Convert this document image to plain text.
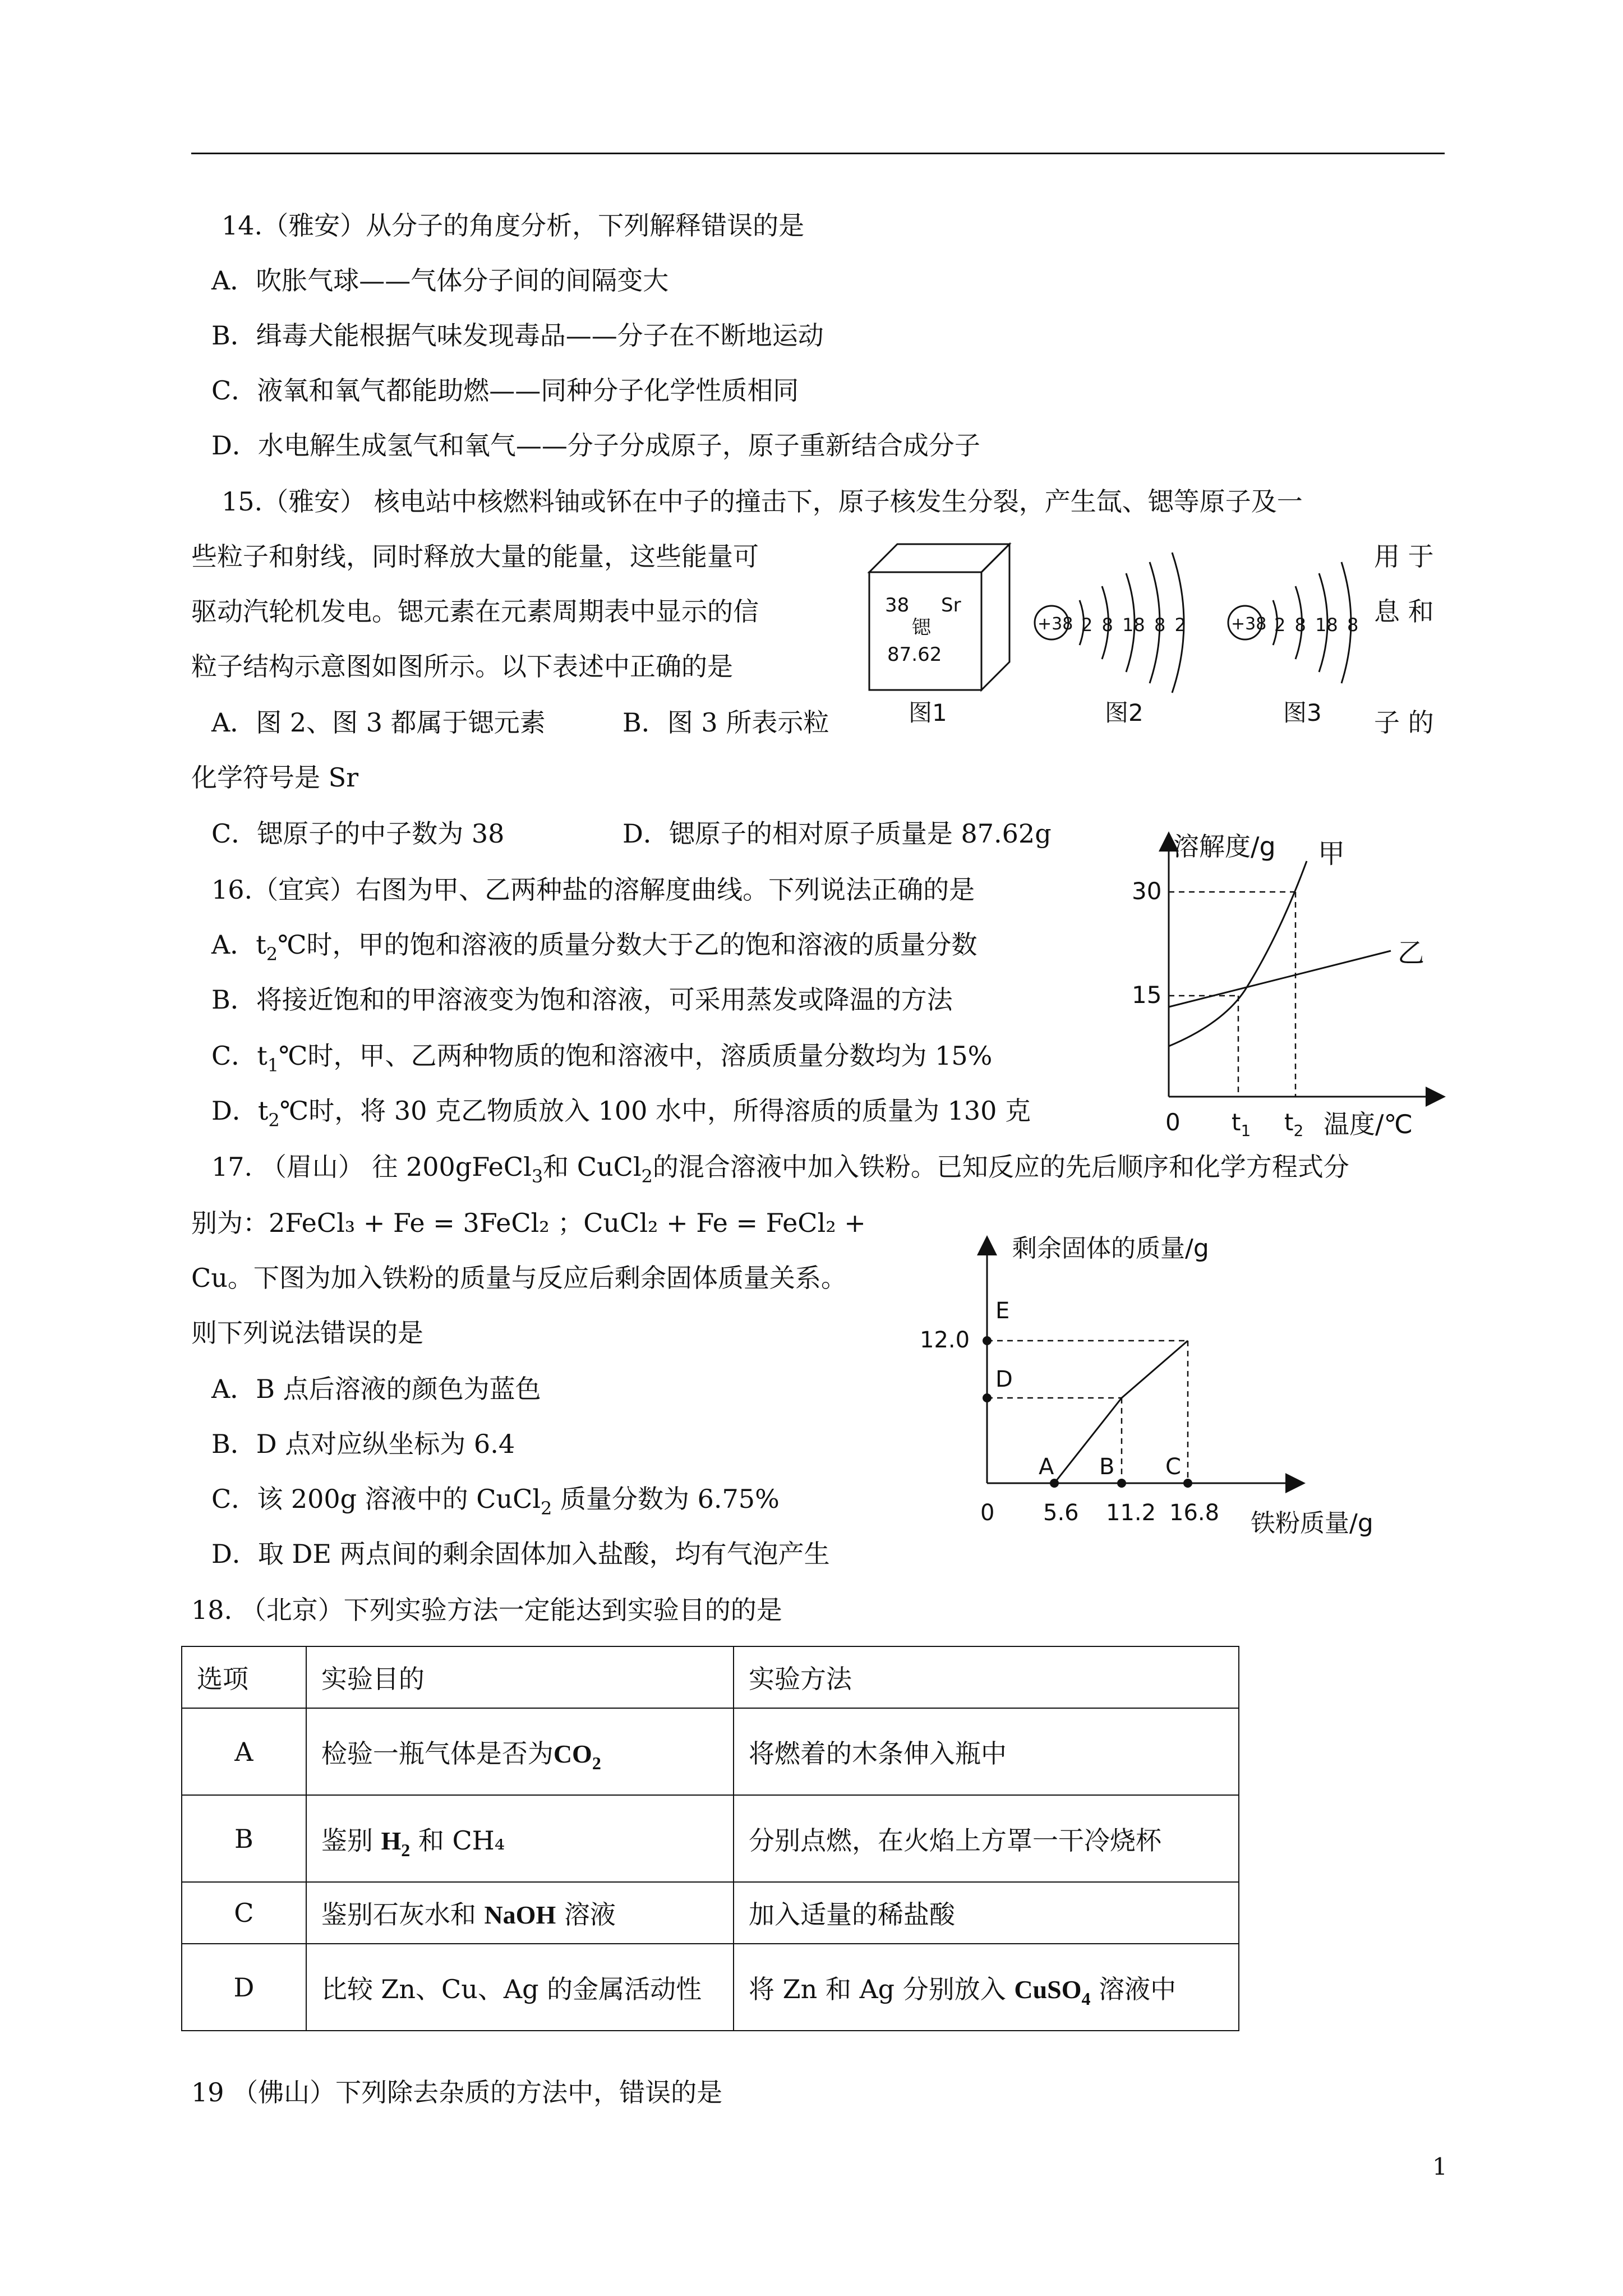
14.（雅安）从分子的角度分析，下列解释错误的是
A．吹胀气球——气体分子间的间隔变大
B．缉毒犬能根据气味发现毒品——分子在不断地运动
C．液氧和氧气都能助燃——同种分子化学性质相同
D．水电解生成氢气和氧气——分子分成原子，原子重新结合成分子
15.（雅安） 核电站中核燃料铀或钚在中子的撞击下，原子核发生分裂，产生氙、锶等原子及一
些粒子和射线，同时释放大量的能量，这些能量可	用 于
驱动汽轮机发电。锶元素在元素周期表中显示的信	息 和
粒子结构示意图如图所示。以下表述中正确的是
A．图 2、图 3 都属于锶元素	B．图 3 所表示粒	子 的
化学符号是 Sr
C．锶原子的中子数为 38	D．锶原子的相对原子质量是 87.62g
38 Sr
锶
87.62
图1
+38 2 8 18 8 2
图2
+38 2 8 18 8
图3
16.（宜宾）右图为甲、乙两种盐的溶解度曲线。下列说法正确的是
A．$t_2℃$时，甲的饱和溶液的质量分数大于乙的饱和溶液的质量分数
B．将接近饱和的甲溶液变为饱和溶液，可采用蒸发或降温的方法
C．$t_1℃$时，甲、乙两种物质的饱和溶液中，溶质质量分数均为 15%
D．$t_2℃$时，将 30 克乙物质放入 100 水中，所得溶质的质量为 130 克
溶解度/g
温度/℃
30
15
0 $t_1$ $t_2$
甲
乙
17. （眉山） 往 200gFeCl$_3$和 CuCl$_2$的混合溶液中加入铁粉。已知反应的先后顺序和化学方程式分
别为：2FeCl₃ + Fe = 3FeCl₂ ；CuCl₂ + Fe = FeCl₂ +
Cu。下图为加入铁粉的质量与反应后剩余固体质量关系。
则下列说法错误的是
A．B 点后溶液的颜色为蓝色
B．D 点对应纵坐标为 6.4
C．该 200g 溶液中的 CuCl$_2$ 质量分数为 6.75%
D．取 DE 两点间的剩余固体加入盐酸，均有气泡产生
剩余固体的质量/g
铁粉质量/g
12.0
0 5.6 11.2 16.8
E
D
A B C
18. （北京）下列实验方法一定能达到实验目的的是
选项	实验目的	实验方法
A	检验一瓶气体是否为$CO_2$	将燃着的木条伸入瓶中
B	鉴别 $H_2$ 和 CH₄	分别点燃，在火焰上方罩一干冷烧杯
C	鉴别石灰水和 NaOH 溶液	加入适量的稀盐酸
D	比较 Zn、Cu、Ag 的金属活动性	将 Zn 和 Ag 分别放入 CuSO$_4$ 溶液中
19 （佛山）下列除去杂质的方法中，错误的是
1
